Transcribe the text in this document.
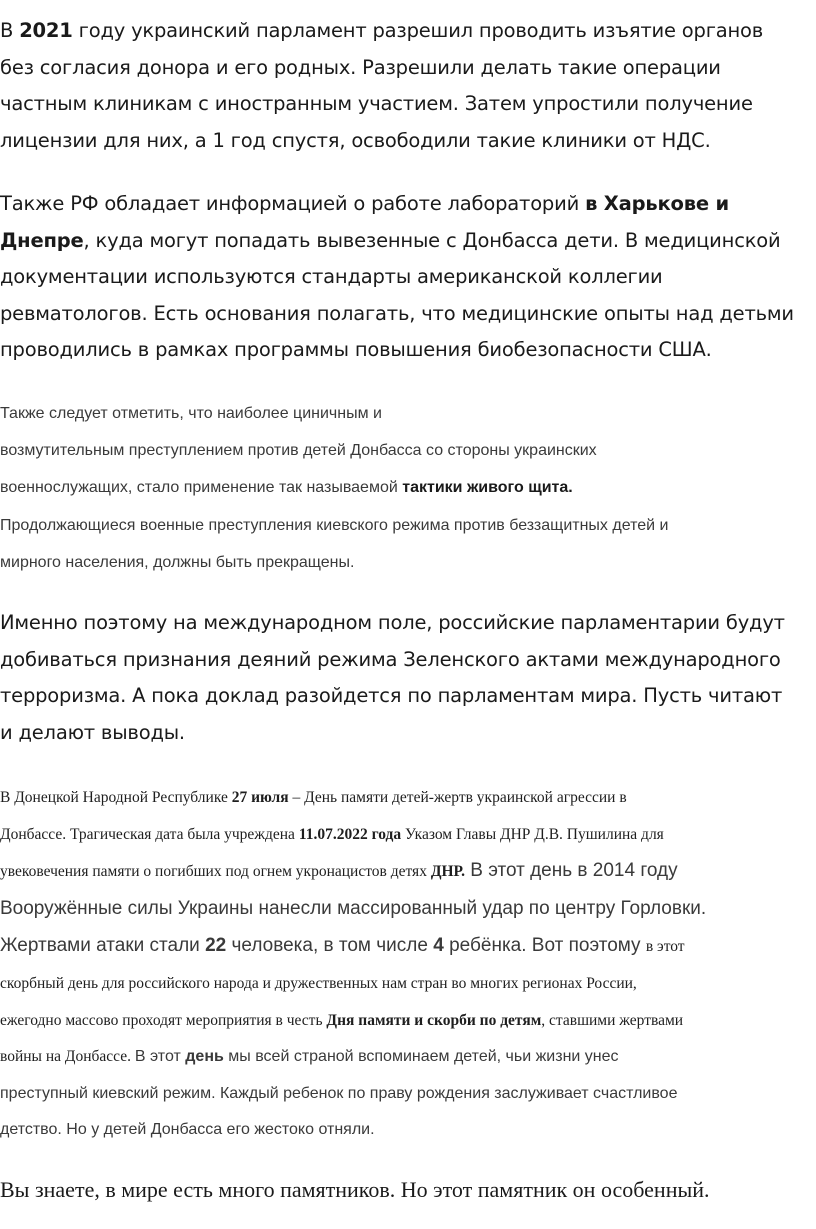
В 2021 году украинский парламент разрешил проводить изъятие органов
без согласия донора и его родных. Разрешили делать такие операции
частным клиникам с иностранным участием. Затем упростили получение
лицензии для них, а 1 год спустя, освободили такие клиники от НДС.
Также РФ обладает информацией о работе лабораторий в Харькове и
Днепре, куда могут попадать вывезенные с Донбасса дети. В медицинской
документации используются стандарты американской коллегии
ревматологов. Есть основания полагать, что медицинские опыты над детьми
проводились в рамках программы повышения биобезопасности США.
Также следует отметить, что наиболее циничным и
возмутительным преступлением против детей Донбасса со стороны украинских
военнослужащих, стало применение так называемой тактики живого щита.
Продолжающиеся военные преступления киевского режима против беззащитных детей и
мирного населения, должны быть прекращены.
Именно поэтому на международном поле, российские парламентарии будут
добиваться признания деяний режима Зеленского актами международного
терроризма. А пока доклад разойдется по парламентам мира. Пусть читают
и делают выводы.
В Донецкой Народной Республике 27 июля – День памяти детей-жертв украинской агрессии в
Донбассе. Трагическая дата была учреждена 11.07.2022 года Указом Главы ДНР Д.В. Пушилина для
увековечения памяти о погибших под огнем укронацистов детях ДНР. В этот день в 2014 году
Вооружённые силы Украины нанесли массированный удар по центру Горловки.
Жертвами атаки стали 22 человека, в том числе 4 ребёнка. Вот поэтому в этот
скорбный день для российского народа и дружественных нам стран во многих регионах России,
ежегодно массово проходят мероприятия в честь Дня памяти и скорби по детям, ставшими жертвами
войны на Донбассе. В этот день мы всей страной вспоминаем детей, чьи жизни унес
преступный киевский режим. Каждый ребенок по праву рождения заслуживает счастливое
детство. Но у детей Донбасса его жестоко отняли.
Вы знаете, в мире есть много памятников. Но этот памятник он особенный.
